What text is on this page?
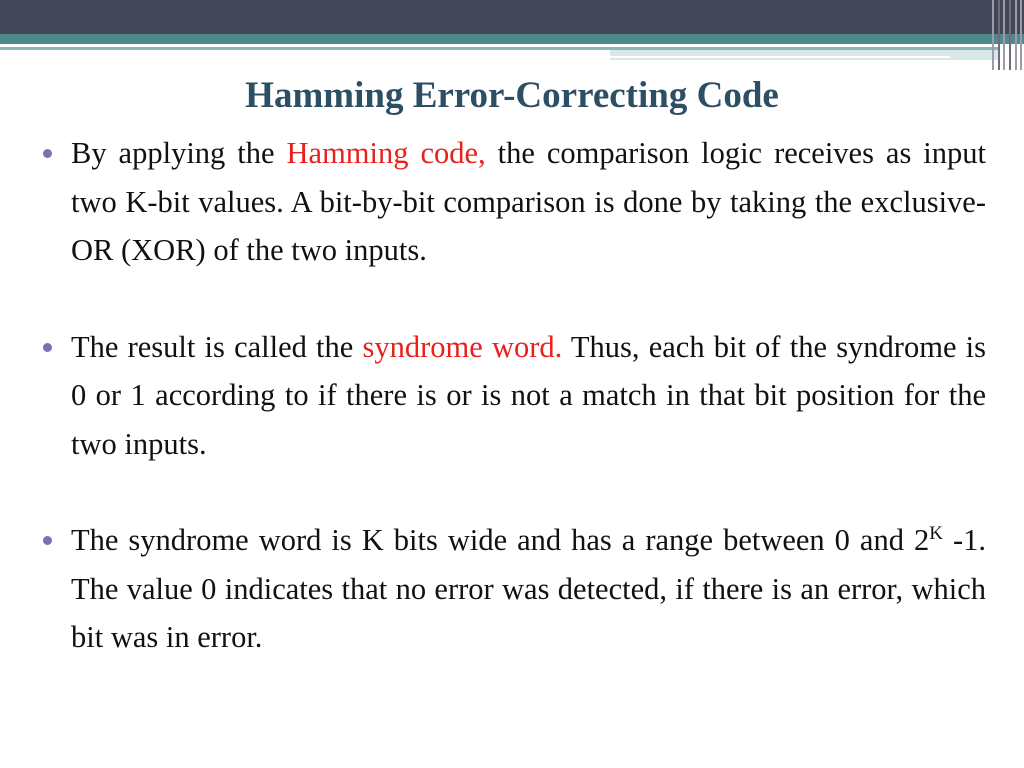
Hamming Error-Correcting Code
By applying the Hamming code, the comparison logic receives as input two K-bit values. A bit-by-bit comparison is done by taking the exclusive-OR (XOR) of the two inputs.
The result is called the syndrome word. Thus, each bit of the syndrome is 0 or 1 according to if there is or is not a match in that bit position for the two inputs.
The syndrome word is K bits wide and has a range between 0 and $2^K$ -1. The value 0 indicates that no error was detected, if there is an error, which bit was in error.
